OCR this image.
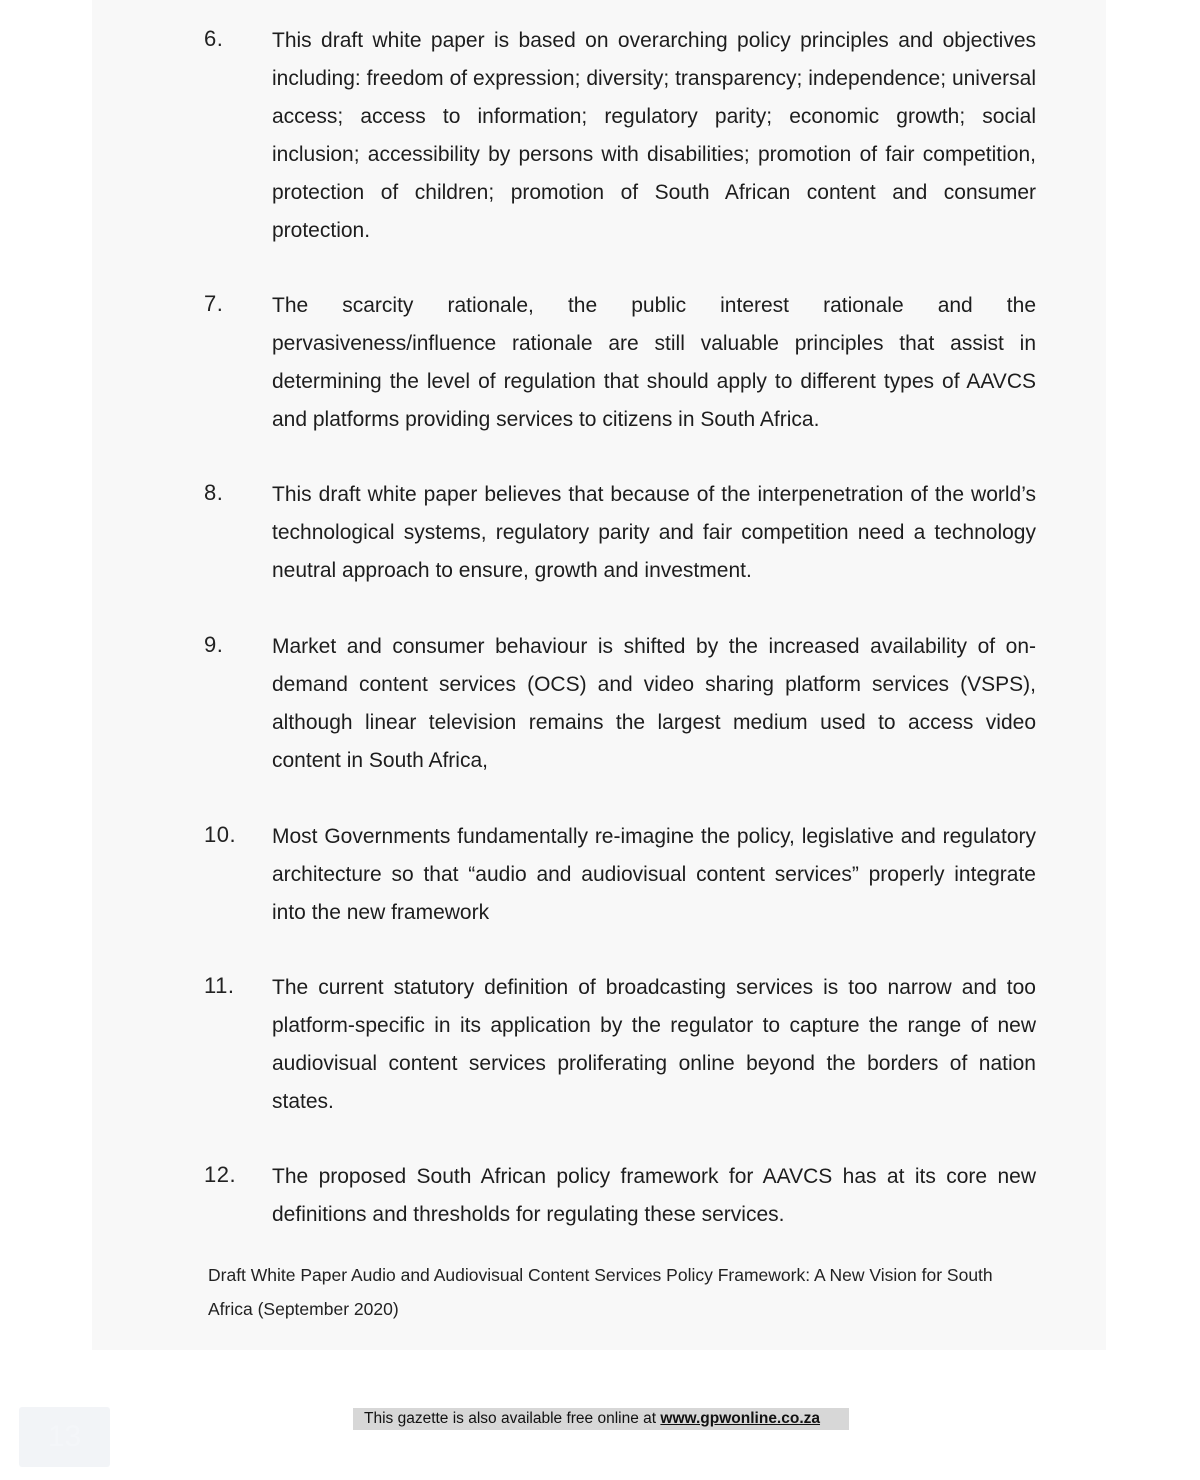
6. This draft white paper is based on overarching policy principles and objectives including: freedom of expression; diversity; transparency; independence; universal access; access to information; regulatory parity; economic growth; social inclusion; accessibility by persons with disabilities; promotion of fair competition, protection of children; promotion of South African content and consumer protection.
7. The scarcity rationale, the public interest rationale and the pervasiveness/influence rationale are still valuable principles that assist in determining the level of regulation that should apply to different types of AAVCS and platforms providing services to citizens in South Africa.
8. This draft white paper believes that because of the interpenetration of the world’s technological systems, regulatory parity and fair competition need a technology neutral approach to ensure, growth and investment.
9. Market and consumer behaviour is shifted by the increased availability of on-demand content services (OCS) and video sharing platform services (VSPS), although linear television remains the largest medium used to access video content in South Africa,
10. Most Governments fundamentally re-imagine the policy, legislative and regulatory architecture so that “audio and audiovisual content services” properly integrate into the new framework
11. The current statutory definition of broadcasting services is too narrow and too platform-specific in its application by the regulator to capture the range of new audiovisual content services proliferating online beyond the borders of nation states.
12. The proposed South African policy framework for AAVCS has at its core new definitions and thresholds for regulating these services.
Draft White Paper Audio and Audiovisual Content Services Policy Framework: A New Vision for South Africa (September 2020)
This gazette is also available free online at www.gpwonline.co.za
13
